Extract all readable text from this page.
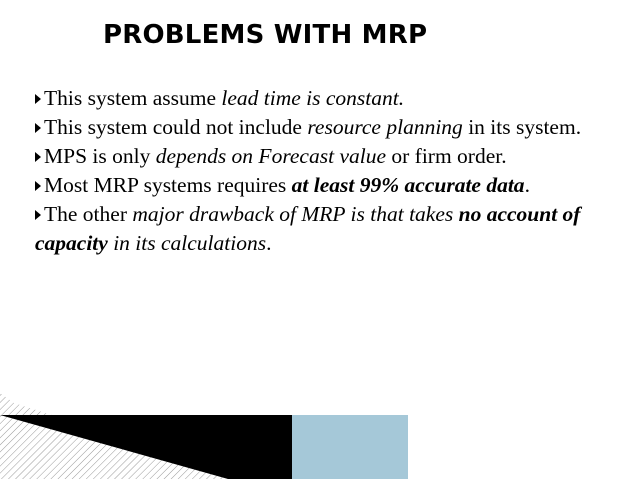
PROBLEMS WITH MRP
This system assume lead time is constant.
This system could not include resource planning in its system.
MPS is only depends on Forecast value or firm order.
Most MRP systems requires at least 99% accurate data.
The other major drawback of MRP is that takes no account of capacity in its calculations.
